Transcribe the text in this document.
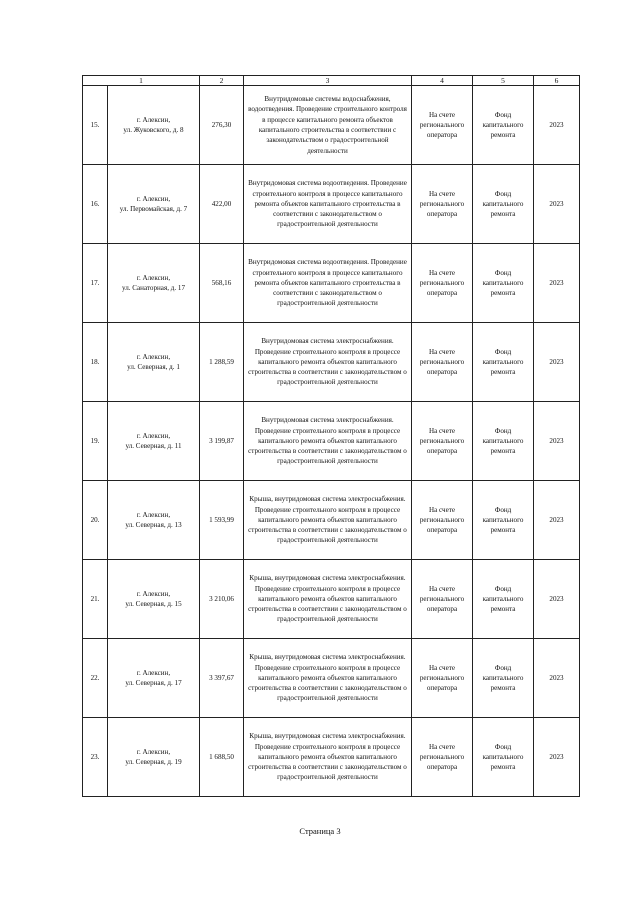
1		2	3	4	5	6
15.	г. Алексин,
ул. Жуковского, д. 8	276,30	Внутридомовые системы водоснабжения, водоотведения. Проведение строительного контроля в процессе капитального ремонта объектов капитального строительства в соответствии с законодательством о градостроительной деятельности	На счете регионального оператора	Фонд капитального ремонта	2023
16.	г. Алексин,
ул. Первомайская, д. 7	422,00	Внутридомовая система водоотведения. Проведение строительного контроля в процессе капитального ремонта объектов капитального строительства в соответствии с законодательством о градостроительной деятельности	На счете регионального оператора	Фонд капитального ремонта	2023
17.	г. Алексин,
ул. Санаторная, д. 17	568,16	Внутридомовая система водоотведения. Проведение строительного контроля в процессе капитального ремонта объектов капитального строительства в соответствии с законодательством о градостроительной деятельности	На счете регионального оператора	Фонд капитального ремонта	2023
18.	г. Алексин,
ул. Северная, д. 1	1 288,59	Внутридомовая система электроснабжения. Проведение строительного контроля в процессе капитального ремонта объектов капитального строительства в соответствии с законодательством о градостроительной деятельности	На счете регионального оператора	Фонд капитального ремонта	2023
19.	г. Алексин,
ул. Северная, д. 11	3 199,87	Внутридомовая система электроснабжения. Проведение строительного контроля в процессе капитального ремонта объектов капитального строительства в соответствии с законодательством о градостроительной деятельности	На счете регионального оператора	Фонд капитального ремонта	2023
20.	г. Алексин,
ул. Северная, д. 13	1 593,99	Крыша, внутридомовая система электроснабжения. Проведение строительного контроля в процессе капитального ремонта объектов капитального строительства в соответствии с законодательством о градостроительной деятельности	На счете регионального оператора	Фонд капитального ремонта	2023
21.	г. Алексин,
ул. Северная, д. 15	3 210,06	Крыша, внутридомовая система электроснабжения. Проведение строительного контроля в процессе капитального ремонта объектов капитального строительства в соответствии с законодательством о градостроительной деятельности	На счете регионального оператора	Фонд капитального ремонта	2023
22.	г. Алексин,
ул. Северная, д. 17	3 397,67	Крыша, внутридомовая система электроснабжения. Проведение строительного контроля в процессе капитального ремонта объектов капитального строительства в соответствии с законодательством о градостроительной деятельности	На счете регионального оператора	Фонд капитального ремонта	2023
23.	г. Алексин,
ул. Северная, д. 19	1 688,50	Крыша, внутридомовая система электроснабжения. Проведение строительного контроля в процессе капитального ремонта объектов капитального строительства в соответствии с законодательством о градостроительной деятельности	На счете регионального оператора	Фонд капитального ремонта	2023
Страница 3
